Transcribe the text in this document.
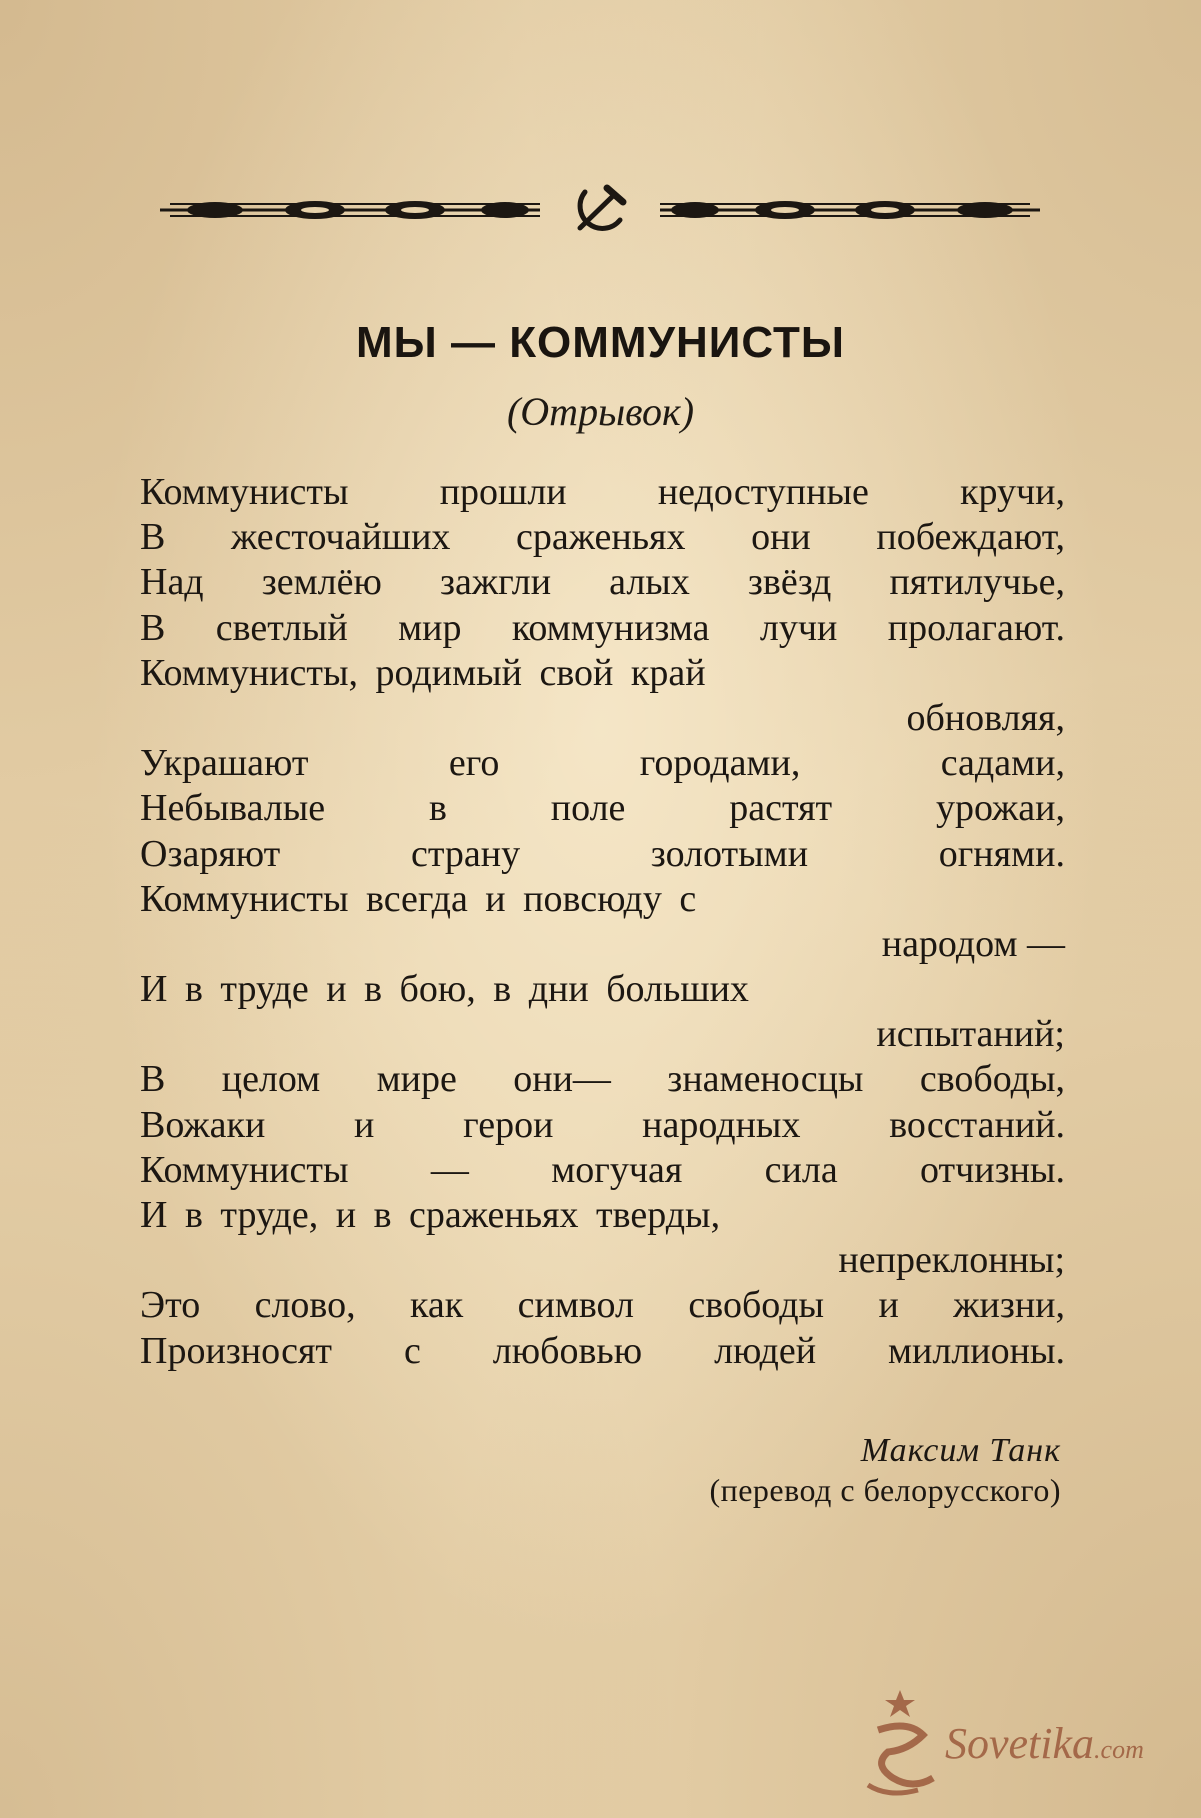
МЫ — КОММУНИСТЫ
(Отрывок)
Коммунисты прошли недоступные кручи,
В жесточайших сраженьях они побеждают,
Над землёю зажгли алых звёзд пятилучье,
В светлый мир коммунизма лучи пролагают.
Коммунисты, родимый свой край
обновляя,
Украшают его городами, садами,
Небывалые в поле растят урожаи,
Озаряют страну золотыми огнями.
Коммунисты всегда и повсюду с
народом —
И в труде и в бою, в дни больших
испытаний;
В целом мире они— знаменосцы свободы,
Вожаки и герои народных восстаний.
Коммунисты — могучая сила отчизны.
И в труде, и в сраженьях тверды,
непреклонны;
Это слово, как символ свободы и жизни,
Произносят с любовью людей миллионы.
Максим Танк
(перевод с белорусского)
Sovetika.com
